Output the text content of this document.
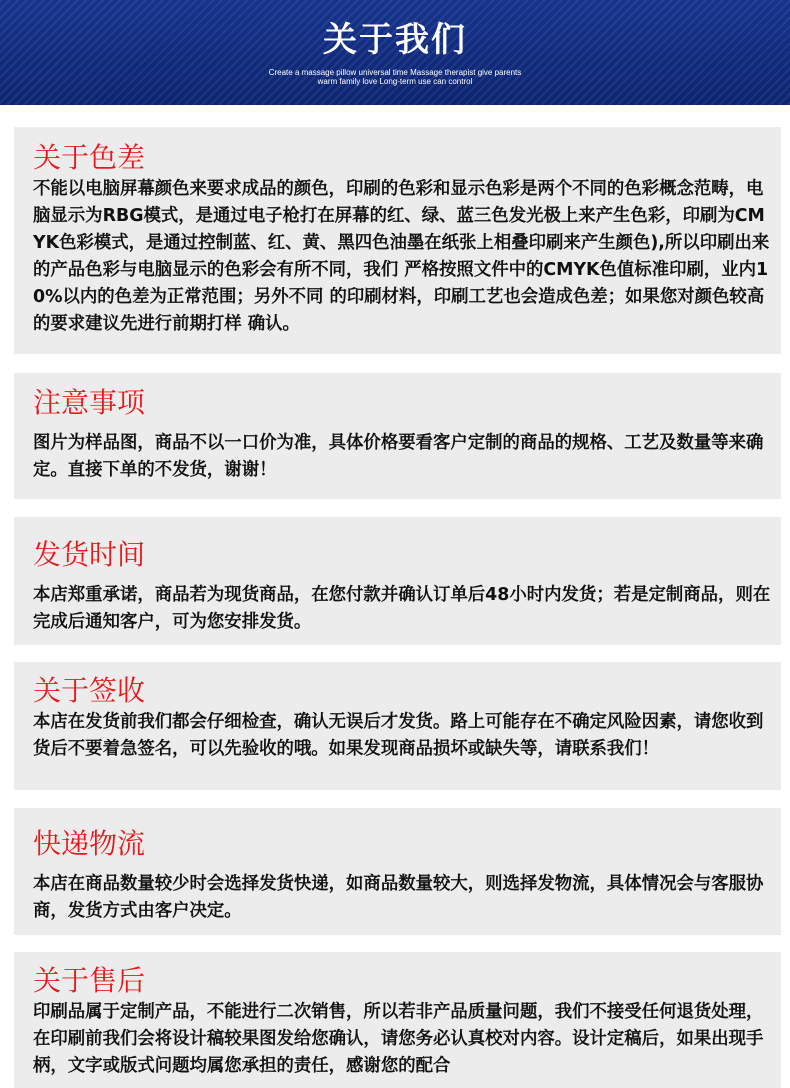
关于我们
Create a massage pillow universal time Massage therapist give parents
warm family love Long-term use can control
关于色差

不能以电脑屏幕颜色来要求成品的颜色，印刷的色彩和显示色彩是两个不同的色彩概念范畴，电脑显示为RBG模式，是通过电子枪打在屏幕的红、绿、蓝三色发光极上来产生色彩，印刷为CMYK色彩模式，是通过控制蓝、红、黄、黑四色油墨在纸张上相叠印刷来产生颜色),所以印刷出来的产品色彩与电脑显示的色彩会有所不同，我们 严格按照文件中的CMYK色值标准印刷，业内10%以内的色差为正常范围；另外不同 的印刷材料，印刷工艺也会造成色差；如果您对颜色较高的要求建议先进行前期打样 确认。

注意事项

图片为样品图，商品不以一口价为准，具体价格要看客户定制的商品的规格、工艺及数量等来确定。直接下单的不发货，谢谢！

发货时间

本店郑重承诺，商品若为现货商品，在您付款并确认订单后48小时内发货；若是定制商品，则在完成后通知客户，可为您安排发货。

关于签收

本店在发货前我们都会仔细检查，确认无误后才发货。路上可能存在不确定风险因素，请您收到货后不要着急签名，可以先验收的哦。如果发现商品损坏或缺失等，请联系我们！

快递物流

本店在商品数量较少时会选择发货快递，如商品数量较大，则选择发物流，具体情况会与客服协商，发货方式由客户决定。

关于售后

印刷品属于定制产品，不能进行二次销售，所以若非产品质量问题，我们不接受任何退货处理，在印刷前我们会将设计稿较果图发给您确认，请您务必认真校对内容。设计定稿后，如果出现手柄，文字或版式问题均属您承担的责任，感谢您的配合
